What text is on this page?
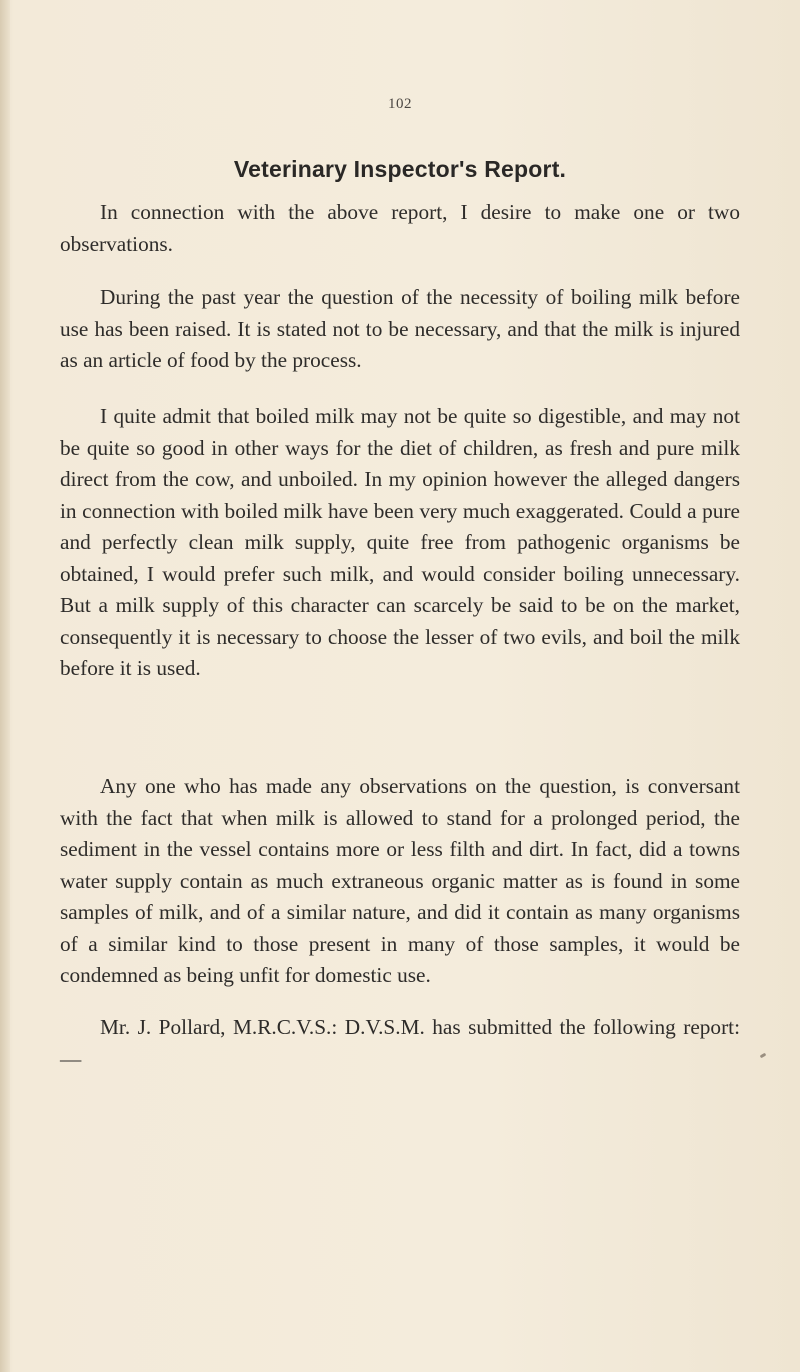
102
Veterinary Inspector's Report.

In connection with the above report, I desire to make one or two observations.

During the past year the question of the necessity of boiling milk before use has been raised. It is stated not to be necessary, and that the milk is injured as an article of food by the process.

I quite admit that boiled milk may not be quite so digestible, and may not be quite so good in other ways for the diet of children, as fresh and pure milk direct from the cow, and unboiled. In my opinion however the alleged dangers in connection with boiled milk have been very much exaggerated. Could a pure and perfectly clean milk supply, quite free from pathogenic organisms be obtained, I would prefer such milk, and would consider boiling unnecessary. But a milk supply of this character can scarcely be said to be on the market, consequently it is necessary to choose the lesser of two evils, and boil the milk before it is used.

Any one who has made any observations on the question, is conversant with the fact that when milk is allowed to stand for a prolonged period, the sediment in the vessel contains more or less filth and dirt. In fact, did a towns water supply contain as much extraneous organic matter as is found in some samples of milk, and of a similar nature, and did it contain as many organisms of a similar kind to those present in many of those samples, it would be condemned as being unfit for domestic use.

Mr. J. Pollard, M.R.C.V.S.: D.V.S.M. has submitted the following report:—
